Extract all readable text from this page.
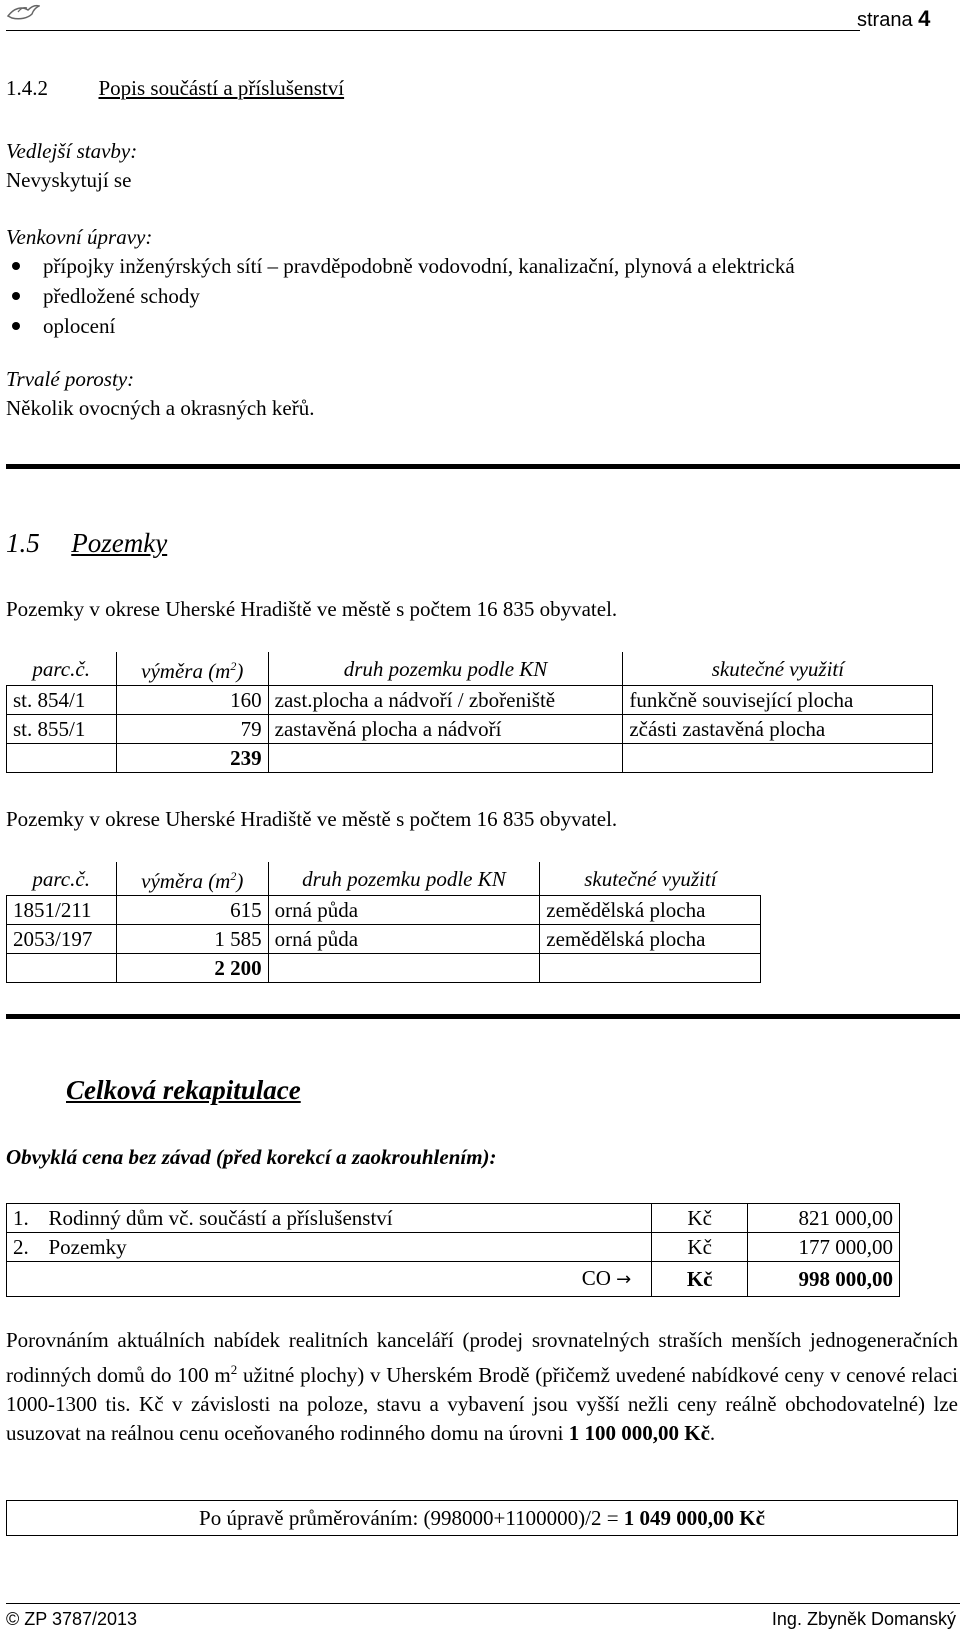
strana 4
1.4.2 Popis součástí a příslušenství
Vedlejší stavby:
Nevyskytují se
Venkovní úpravy:
přípojky inženýrských sítí – pravděpodobně vodovodní, kanalizační, plynová a elektrická
předložené schody
oplocení
Trvalé porosty:
Několik ovocných a okrasných keřů.
1.5 Pozemky
Pozemky v okrese Uherské Hradiště ve městě s počtem 16 835 obyvatel.
parc.č.	výměra $(m^2)$	druh pozemku podle KN	skutečné využití
st. 854/1	160	zast.plocha a nádvoří / zbořeniště	funkčně související plocha
st. 855/1	79	zastavěná plocha a nádvoří	zčásti zastavěná plocha
	239		
Pozemky v okrese Uherské Hradiště ve městě s počtem 16 835 obyvatel.
parc.č.	výměra $(m^2)$	druh pozemku podle KN	skutečné využití
1851/211	615	orná půda	zemědělská plocha
2053/197	1 585	orná půda	zemědělská plocha
	2 200		
Celková rekapitulace
Obvyklá cena bez závad (před korekcí a zaokrouhlením):
1.	Rodinný dům vč. součástí a příslušenství	Kč	821 000,00
2.	Pozemky	Kč	177 000,00
CO →		Kč	998 000,00
Porovnáním aktuálních nabídek realitních kanceláří (prodej srovnatelných straších menších jednogeneračních rodinných domů do 100 $m^2$ užitné plochy) v Uherském Brodě (přičemž uvedené nabídkové ceny v cenové relaci 1000-1300 tis. Kč v závislosti na poloze, stavu a vybavení jsou vyšší nežli ceny reálně obchodovatelné) lze usuzovat na reálnou cenu oceňovaného rodinného domu na úrovni 1 100 000,00 Kč.
Po úpravě průměrováním: (998000+1100000)/2 = 1 049 000,00 Kč
© ZP 3787/2013	Ing. Zbyněk Domanský
